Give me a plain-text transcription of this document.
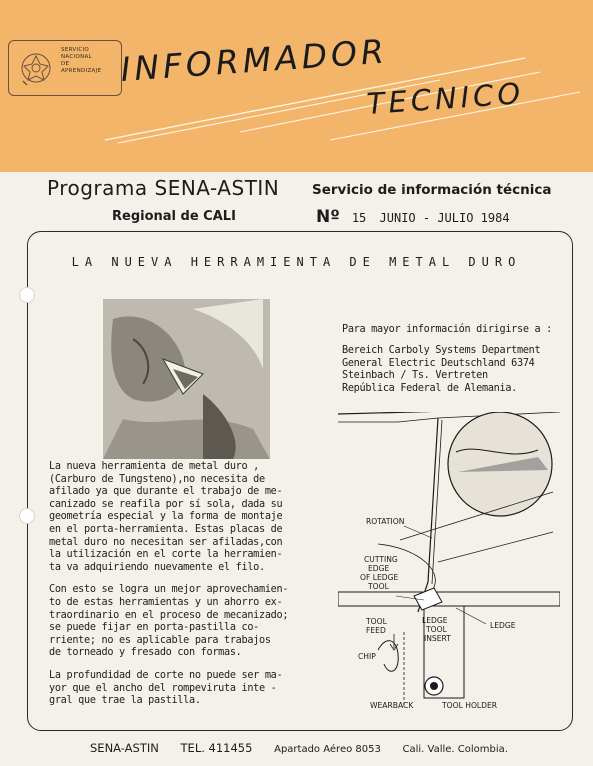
SERVICIO
NACIONAL
DE
APRENDIZAJE INFORMADOR
TECNICO
Programa SENA-ASTIN Servicio de información técnica
Regional de CALI	Nº 15 JUNIO - JULIO 1984
LA NUEVA HERRAMIENTA DE METAL DURO

La nueva herramienta de metal duro ,
(Carburo de Tungsteno),no necesita de
afilado ya que durante el trabajo de me-
canizado se reafila por sí sola, dada su
geometría especial y la forma de montaje
en el porta-herramienta. Estas placas de
metal duro no necesitan ser afiladas,con
la utilización en el corte la herramien-
ta va adquiriendo nuevamente el filo.

Con esto se logra un mejor aprovechamien-
to de estas herramientas y un ahorro ex-
traordinario en el proceso de mecanizado;
se puede fijar en porta-pastilla co-
rriente; no es aplicable para trabajos
de torneado y fresado con formas.

La profundidad de corte no puede ser ma-
yor que el ancho del rompeviruta inte -
gral que trae la pastilla.

Para mayor información dirigirse a :
Bereich Carboly Systems Department
General Electric Deutschland 6374
Steinbach / Ts. Vertreten
República Federal de Alemania.
ROTATION
CUTTING
EDGE
OF LEDGE
TOOL
TOOL
FEED
LEDGE
TOOL
INSERT
LEDGE
CHIP
WEARBACK	TOOL HOLDER
SENA-ASTIN TEL. 411455 Apartado Aéreo 8053 Cali. Valle. Colombia.
